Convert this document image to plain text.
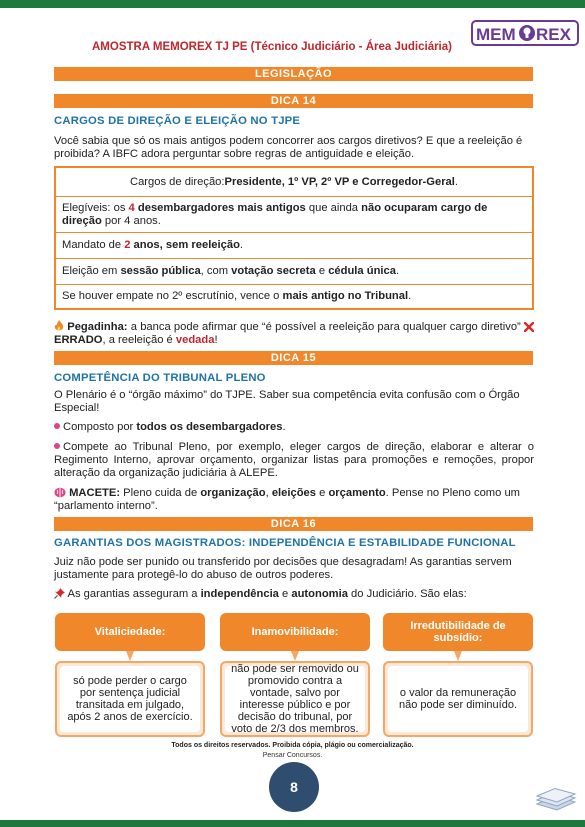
AMOSTRA MEMOREX TJ PE (Técnico Judiciário - Área Judiciária)
MEM REX
LEGISLAÇÃO
DICA 14
CARGOS DE DIREÇÃO E ELEIÇÃO NO TJPE
Você sabia que só os mais antigos podem concorrer aos cargos diretivos? E que a reeleição é proibida? A IBFC adora perguntar sobre regras de antiguidade e eleição.
Cargos de direção: Presidente, 1º VP, 2º VP e Corregedor-Geral .
Elegíveis: os 4 desembargadores mais antigos que ainda não ocuparam cargo de direção por 4 anos.
Mandato de 2 anos, sem reeleição.
Eleição em sessão pública, com votação secreta e cédula única.
Se houver empate no 2º escrutínio, vence o mais antigo no Tribunal.
Pegadinha: a banca pode afirmar que “é possível a reeleição para qualquer cargo diretivo”  ERRADO, a reeleição é vedada!
DICA 15
COMPETÊNCIA DO TRIBUNAL PLENO
O Plenário é o “órgão máximo” do TJPE. Saber sua competência evita confusão com o Órgão Especial!
Composto por todos os desembargadores.
Compete ao Tribunal Pleno, por exemplo, eleger cargos de direção, elaborar e alterar o Regimento Interno, aprovar orçamento, organizar listas para promoções e remoções, propor alteração da organização judiciária à ALEPE.
MACETE: Pleno cuida de organização, eleições e orçamento. Pense no Pleno como um “parlamento interno”.
DICA 16
GARANTIAS DOS MAGISTRADOS: INDEPENDÊNCIA E ESTABILIDADE FUNCIONAL
Juiz não pode ser punido ou transferido por decisões que desagradam! As garantias servem justamente para protegê-lo do abuso de outros poderes.
As garantias asseguram a independência e autonomia do Judiciário. São elas:
Vitaliciedade:	Inamovibilidade:	Irredutibilidade de subsídio:
só pode perder o cargo por sentença judicial transitada em julgado, após 2 anos de exercício.
não pode ser removido ou promovido contra a vontade, salvo por interesse público e por decisão do tribunal, por voto de 2/3 dos membros.
o valor da remuneração não pode ser diminuído.
Todos os direitos reservados. Proibida cópia, plágio ou comercialização.
Pensar Concursos.
8
